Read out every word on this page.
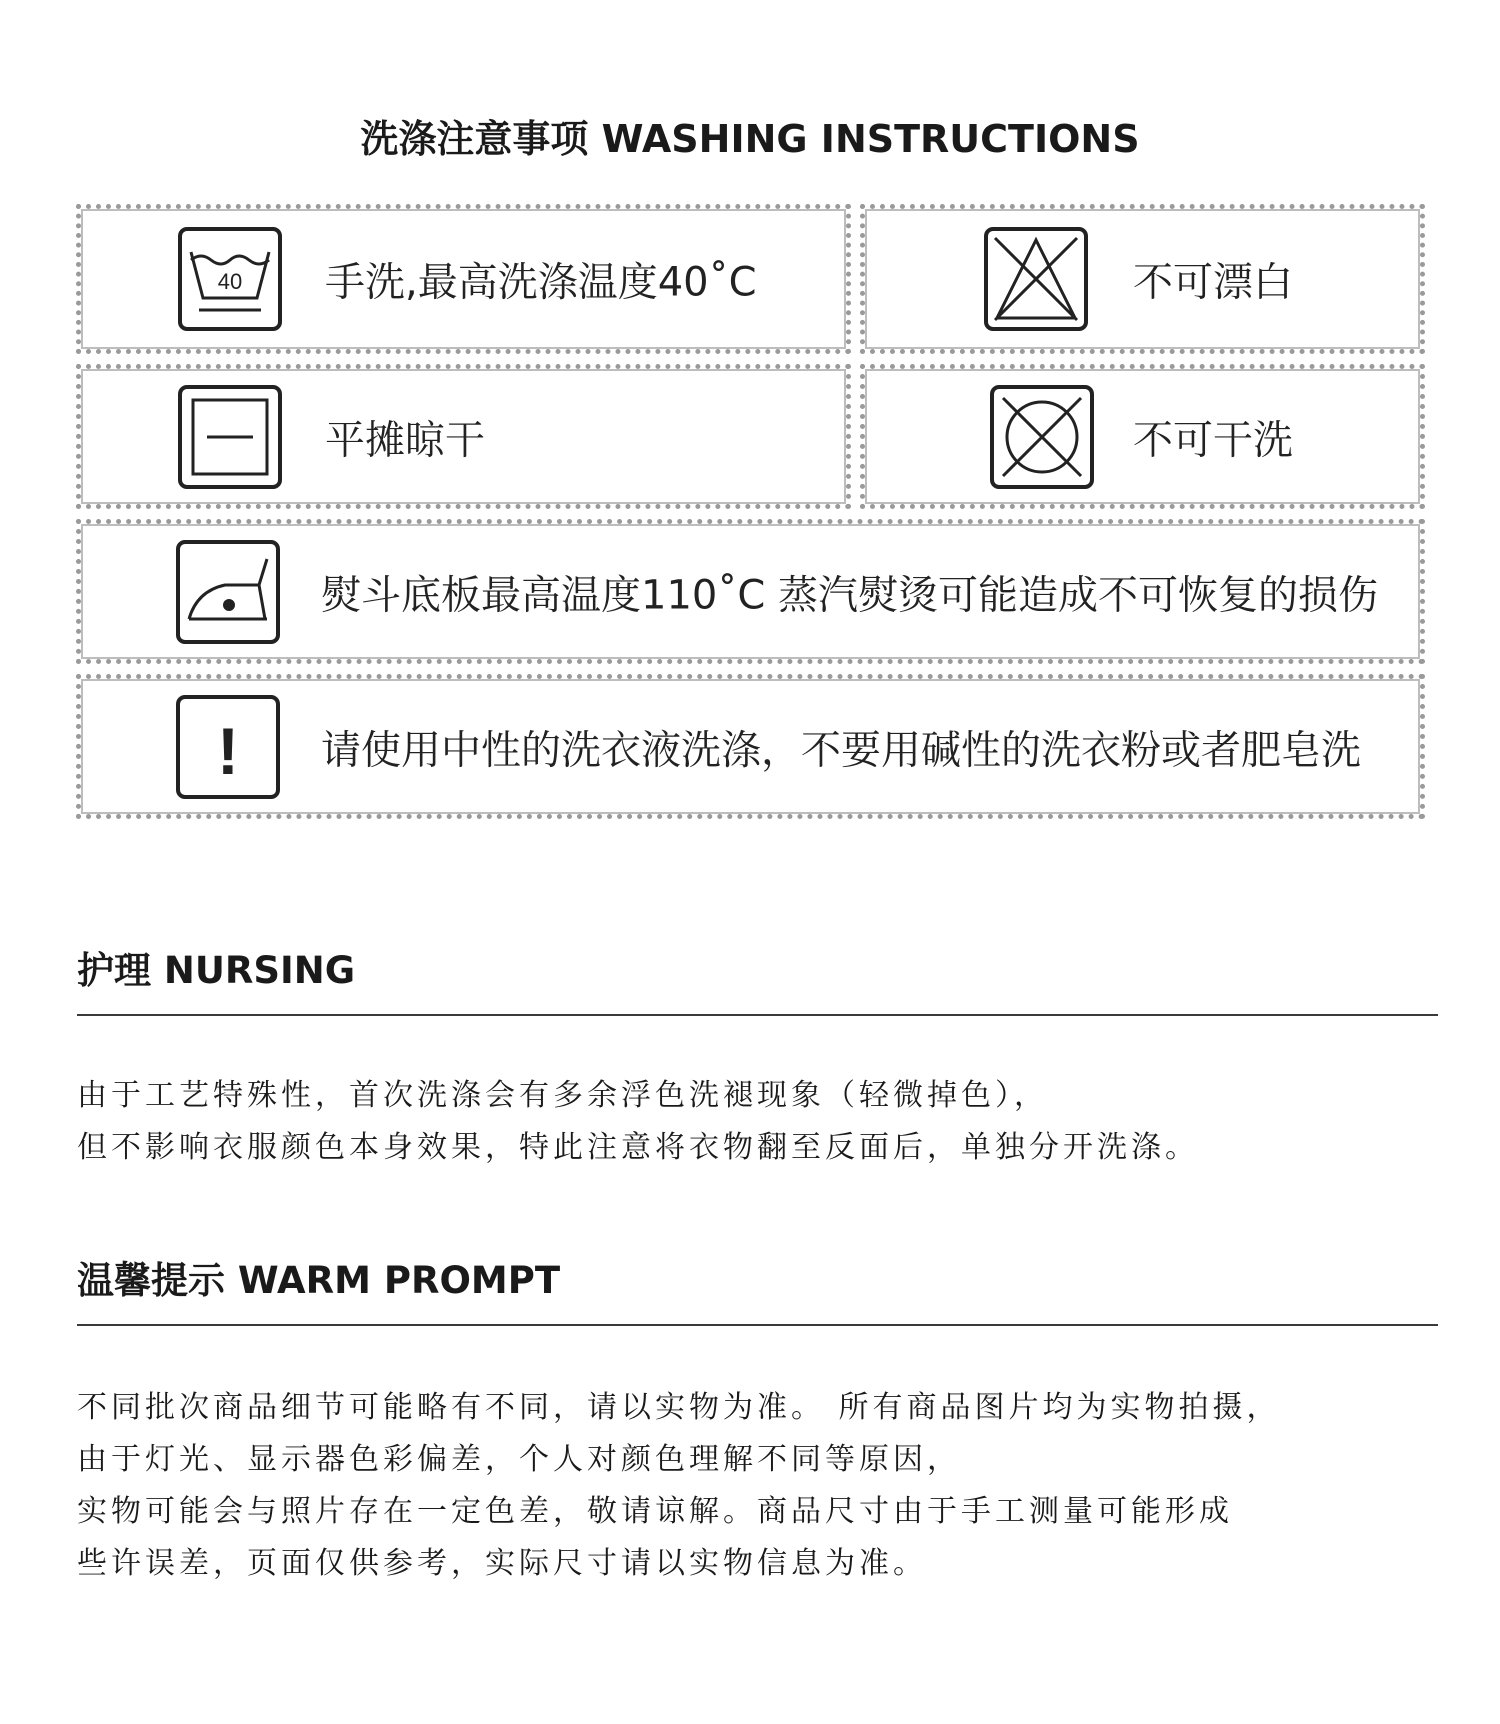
洗涤注意事项 WASHING INSTRUCTIONS
40 手洗,最高洗涤温度40˚C	不可漂白
平摊晾干	不可干洗
熨斗底板最高温度110˚C 蒸汽熨烫可能造成不可恢复的损伤
! 请使用中性的洗衣液洗涤，不要用碱性的洗衣粉或者肥皂洗
护理 NURSING
由于工艺特殊性，首次洗涤会有多余浮色洗褪现象（轻微掉色），
但不影响衣服颜色本身效果，特此注意将衣物翻至反面后，单独分开洗涤。
温馨提示 WARM PROMPT
不同批次商品细节可能略有不同，请以实物为准。 所有商品图片均为实物拍摄，
由于灯光、显示器色彩偏差，个人对颜色理解不同等原因，
实物可能会与照片存在一定色差，敬请谅解。商品尺寸由于手工测量可能形成
些许误差，页面仅供参考，实际尺寸请以实物信息为准。
